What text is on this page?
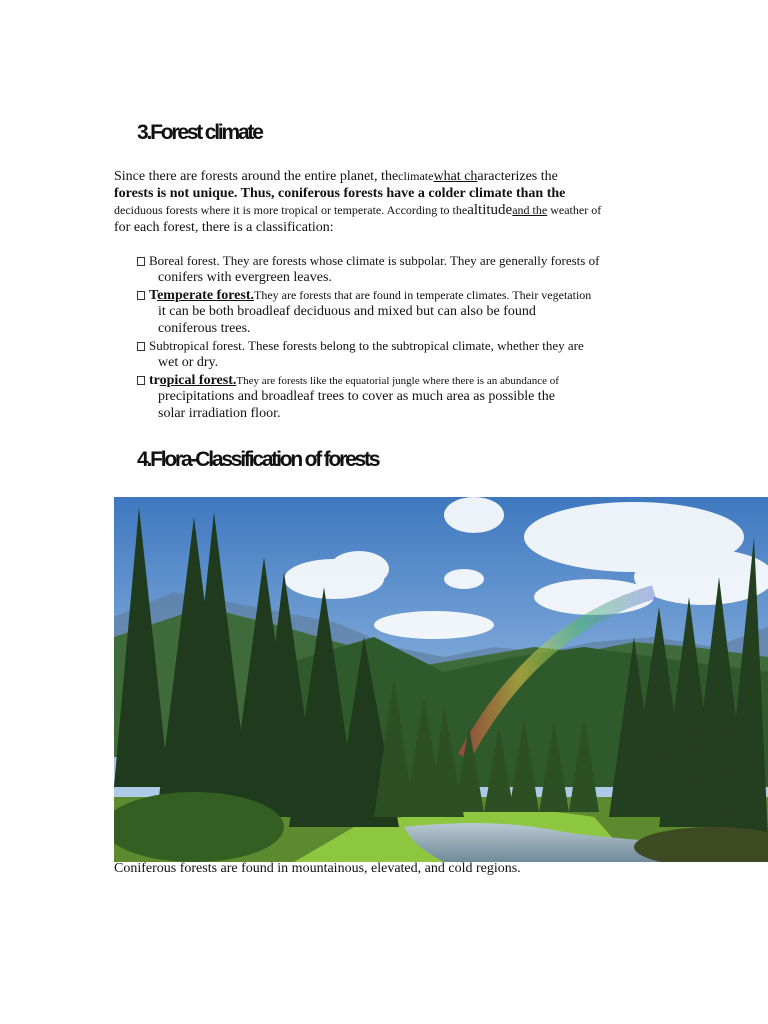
3.Forest climate
Since there are forests around the entire planet, theclimatewhat characterizes the
forests is not unique. Thus, coniferous forests have a colder climate than the
deciduous forests where it is more tropical or temperate. According to thealtitudeand the weather of
for each forest, there is a classification:
Boreal forest. They are forests whose climate is subpolar. They are generally forests of
conifers with evergreen leaves.
Temperate forest.They are forests that are found in temperate climates. Their vegetation
it can be both broadleaf deciduous and mixed but can also be found
coniferous trees.
Subtropical forest. These forests belong to the subtropical climate, whether they are
wet or dry.
tropical forest.They are forests like the equatorial jungle where there is an abundance of
precipitations and broadleaf trees to cover as much area as possible the
solar irradiation floor.
4.Flora-Classification of forests
Coniferous forests are found in mountainous, elevated, and cold regions.
